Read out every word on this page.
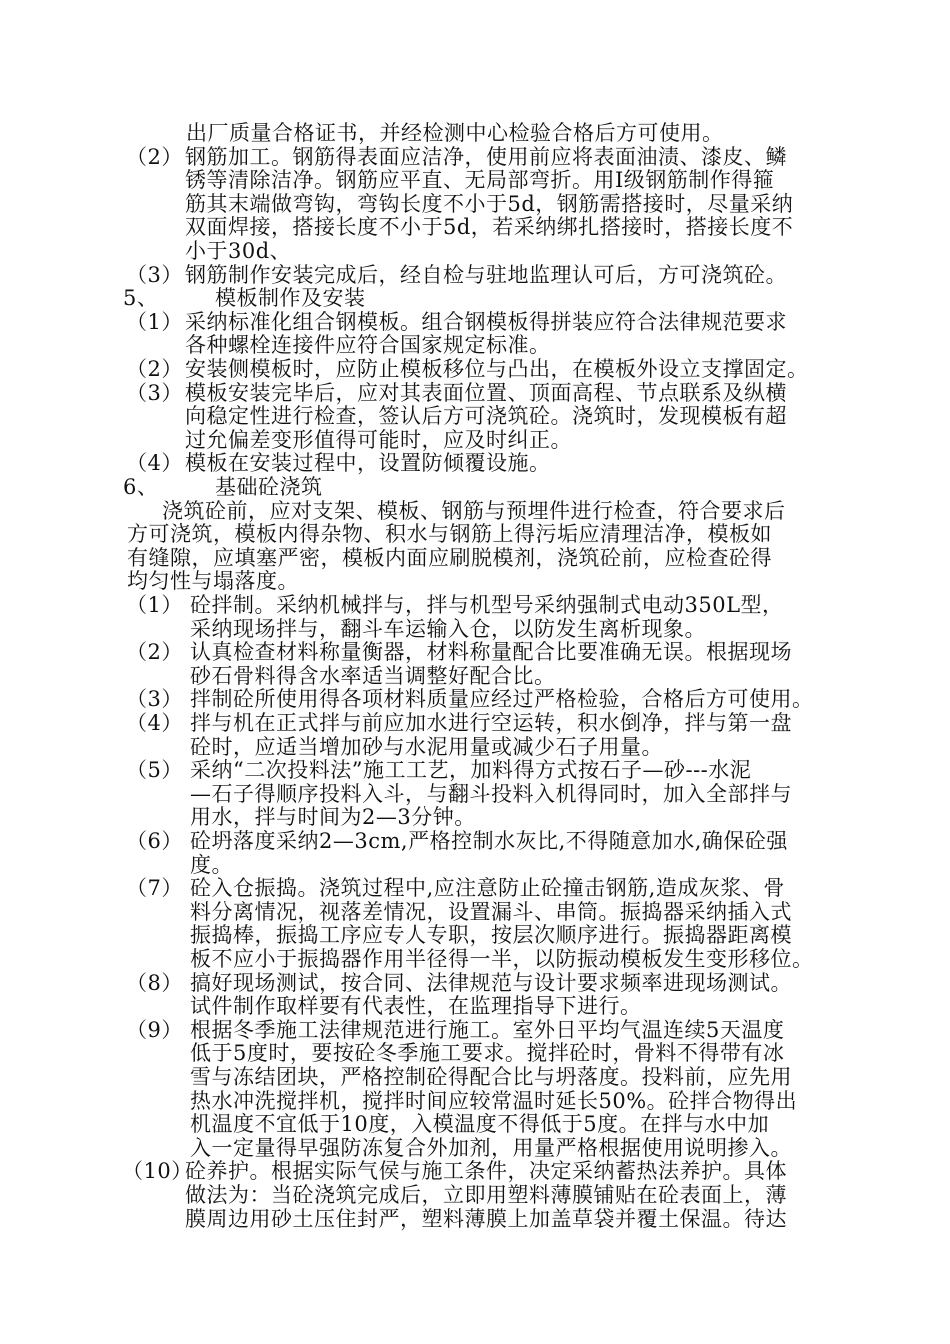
出厂质量合格证书，并经检测中心检验合格后方可使用。
（2） 钢筋加工。钢筋得表面应洁净，使用前应将表面油渍、漆皮、鳞
锈等清除洁净。钢筋应平直、无局部弯折。用Ⅰ级钢筋制作得箍
筋其末端做弯钩，弯钩长度不小于5d，钢筋需搭接时，尽量采纳
双面焊接，搭接长度不小于5d，若采纳绑扎搭接时，搭接长度不
小于30d、
（3） 钢筋制作安装完成后，经自检与驻地监理认可后，方可浇筑砼。
5、	模板制作及安装
（1） 采纳标准化组合钢模板。组合钢模板得拼装应符合法律规范要求
各种螺栓连接件应符合国家规定标准。
（2） 安装侧模板时，应防止模板移位与凸出，在模板外设立支撑固定。
（3） 模板安装完毕后，应对其表面位置、顶面高程、节点联系及纵横
向稳定性进行检查，签认后方可浇筑砼。浇筑时，发现模板有超
过允偏差变形值得可能时，应及时纠正。
（4） 模板在安装过程中，设置防倾覆设施。
6、	基础砼浇筑
浇筑砼前，应对支架、模板、钢筋与预埋件进行检查，符合要求后
方可浇筑，模板内得杂物、积水与钢筋上得污垢应清理洁净，模板如
有缝隙，应填塞严密，模板内面应刷脱模剂，浇筑砼前，应检查砼得
均匀性与塌落度。
（1） 砼拌制。采纳机械拌与，拌与机型号采纳强制式电动350L型，
采纳现场拌与，翻斗车运输入仓，以防发生离析现象。
（2） 认真检查材料称量衡器，材料称量配合比要准确无误。根据现场
砂石骨料得含水率适当调整好配合比。
（3） 拌制砼所使用得各项材料质量应经过严格检验，合格后方可使用。
（4） 拌与机在正式拌与前应加水进行空运转，积水倒净，拌与第一盘
砼时，应适当增加砂与水泥用量或减少石子用量。
（5） 采纳“二次投料法”施工工艺，加料得方式按石子—砂---水泥
—石子得顺序投料入斗，与翻斗投料入机得同时，加入全部拌与
用水，拌与时间为2—3分钟。
（6） 砼坍落度采纳2—3cm,严格控制水灰比,不得随意加水,确保砼强
度。
（7） 砼入仓振捣。浇筑过程中,应注意防止砼撞击钢筋,造成灰浆、骨
料分离情况，视落差情况，设置漏斗、串筒。振捣器采纳插入式
振捣棒，振捣工序应专人专职，按层次顺序进行。振捣器距离模
板不应小于振捣器作用半径得一半，以防振动模板发生变形移位。
（8） 搞好现场测试，按合同、法律规范与设计要求频率进现场测试。
试件制作取样要有代表性，在监理指导下进行。
（9） 根据冬季施工法律规范进行施工。室外日平均气温连续5天温度
低于5度时，要按砼冬季施工要求。搅拌砼时，骨料不得带有冰
雪与冻结团块，严格控制砼得配合比与坍落度。投料前，应先用
热水冲洗搅拌机，搅拌时间应较常温时延长50%。砼拌合物得出
机温度不宜低于10度，入模温度不得低于5度。在拌与水中加
入一定量得早强防冻复合外加剂，用量严格根据使用说明掺入。
（10）
砼养护。根据实际气侯与施工条件，决定采纳蓄热法养护。具体
做法为：当砼浇筑完成后，立即用塑料薄膜铺贴在砼表面上，薄
膜周边用砂土压住封严，塑料薄膜上加盖草袋并覆土保温。待达
